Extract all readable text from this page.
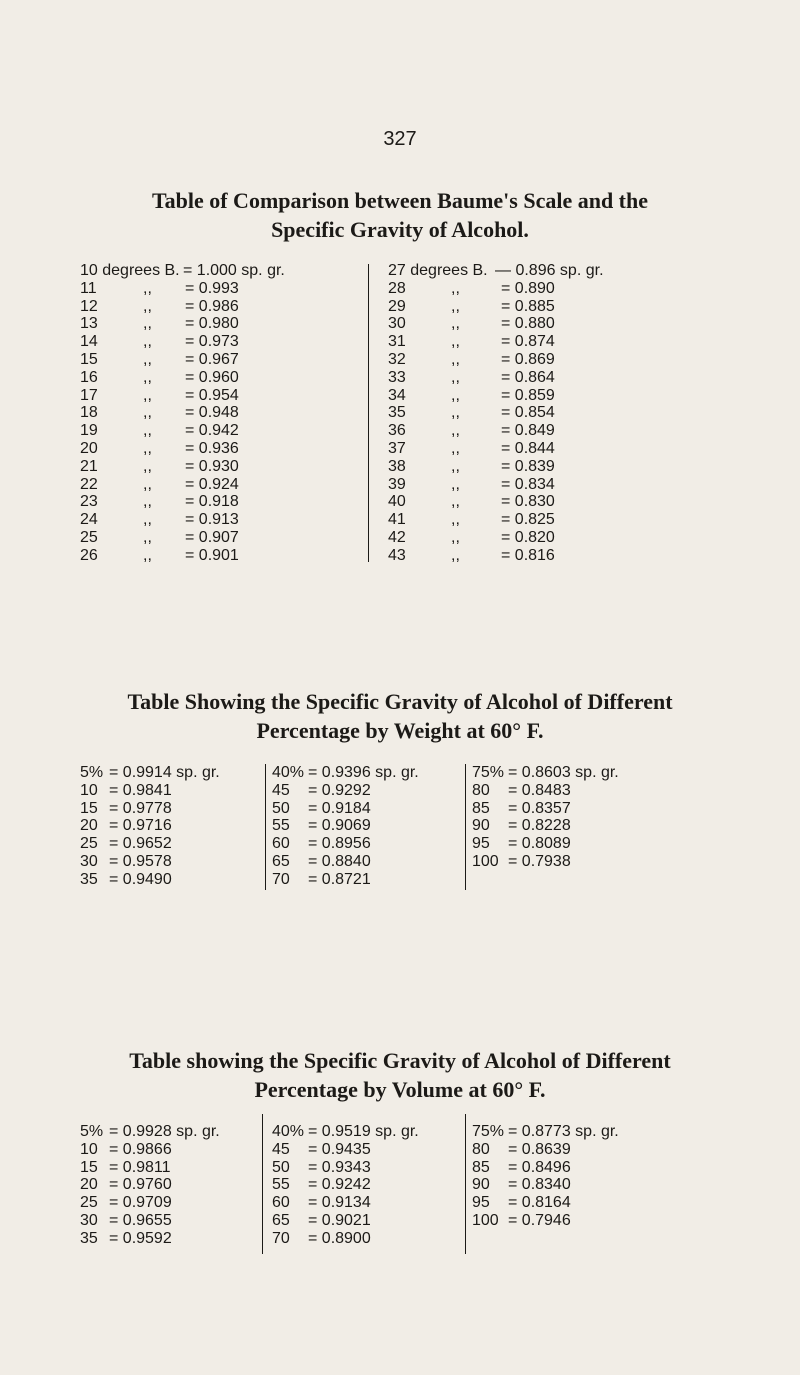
327
Table of Comparison between Baume's Scale and the
Specific Gravity of Alcohol.
10 degrees B. = 1.000 sp. gr.
11	,, = 0.993
12	,, = 0.986
13	,, = 0.980
14	,, = 0.973
15	,, = 0.967
16	,, = 0.960
17	,, = 0.954
18	,, = 0.948
19	,, = 0.942
20	,, = 0.936
21	,, = 0.930
22	,, = 0.924
23	,, = 0.918
24	,, = 0.913
25	,, = 0.907
26	,, = 0.901
27 degrees B. — 0.896 sp. gr.
28	,,	= 0.890
29	,,	= 0.885
30	,,	= 0.880
31	,,	= 0.874
32	,,	= 0.869
33	,,	= 0.864
34	,,	= 0.859
35	,,	= 0.854
36	,,	= 0.849
37	,,	= 0.844
38	,,	= 0.839
39	,,	= 0.834
40	,,	= 0.830
41	,,	= 0.825
42	,,	= 0.820
43	,,	= 0.816
Table Showing the Specific Gravity of Alcohol of Different
Percentage by Weight at 60° F.
5% = 0.9914 sp. gr.
10 = 0.9841
15 = 0.9778
20 = 0.9716
25 = 0.9652
30 = 0.9578
35 = 0.9490
40% = 0.9396 sp. gr.
45 = 0.9292
50 = 0.9184
55 = 0.9069
60 = 0.8956
65 = 0.8840
70 = 0.8721
75% = 0.8603 sp. gr.
80 = 0.8483
85 = 0.8357
90 = 0.8228
95 = 0.8089
100 = 0.7938
Table showing the Specific Gravity of Alcohol of Different
Percentage by Volume at 60° F.
5% = 0.9928 sp. gr.
10 = 0.9866
15 = 0.9811
20 = 0.9760
25 = 0.9709
30 = 0.9655
35 = 0.9592
40% = 0.9519 sp. gr.
45 = 0.9435
50 = 0.9343
55 = 0.9242
60 = 0.9134
65 = 0.9021
70 = 0.8900
75% = 0.8773 sp. gr.
80 = 0.8639
85 = 0.8496
90 = 0.8340
95 = 0.8164
100 = 0.7946
